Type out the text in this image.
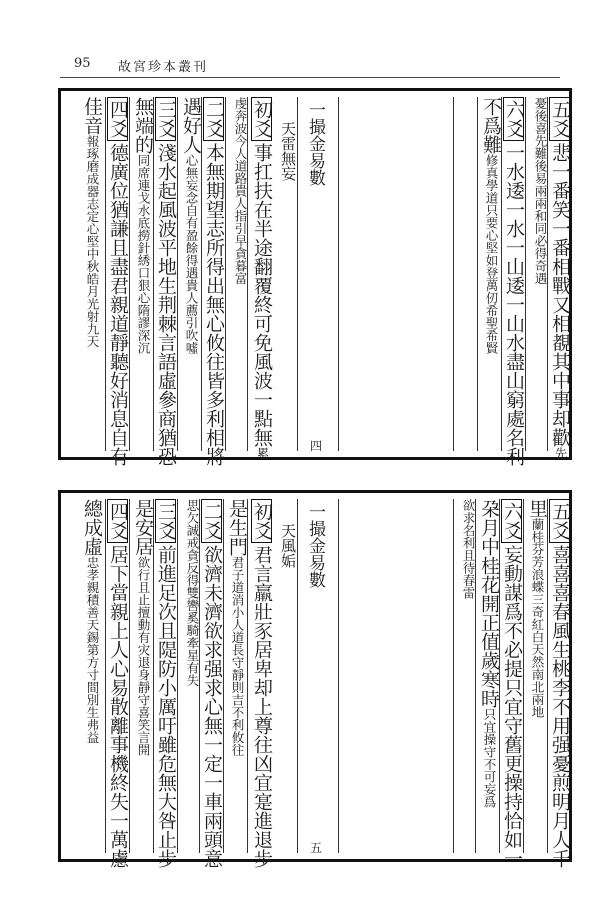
95 故宮珍本叢刊
五爻悲一番笑一番相戰又相覩其中事却歡先
憂後喜先難後易兩兩和同必得奇遇
六爻一水逶一水一山逶一山水盡山窮處名利
不爲難修真學道只要心堅如登萬仞希聖希賢
一撮金易數
四
天雷無妄
初爻事扛扶在半途翻覆終可免風波一點無累
虔奔波今人道路貴人指引早貪暮富
二爻本無期望志所得出無心攸往皆多利相將
遇好人心無妄念自有盈餘得遇貴人薦引吹噓
三爻淺水起風波平地生荆棘言語虛參商猶恐
無端的同席連戈水底撈針綉口狠心隋謬深沉
四爻德廣位猶謙且盡君親道靜聽好消息自有
佳音報琢磨成器志定心堅中秋皓月光射九天
五爻喜喜喜春風生桃李不用强憂煎明月人千
里蘭桂芬芳浪蝶三奇紅白天然南北兩地
六爻妄動謀爲不必提只宜守舊更操持恰如一
朶月中桂花開正值歲寒時只宜操守不可妄爲
欲求名利且待春雷
一撮金易數
五
天風姤
初爻君言羸壯豕居卑却上尊往凶宜寔進退步
是生門君子道消小人道長守靜則吉不利攸往
二爻欲濟未濟欲求强求心無一定一車兩頭意
思欠誠戒貪反得雙轡奚騎牽星有失
三爻前進足次且隄防小厲吁雖危無大咎止步
是安居欲行且止擅動有灾退身靜守喜笑言開
四爻居下當親上人心易散離事機終失一萬慮
總成虛忠孝親積善天錫第方寸間別生弗益
